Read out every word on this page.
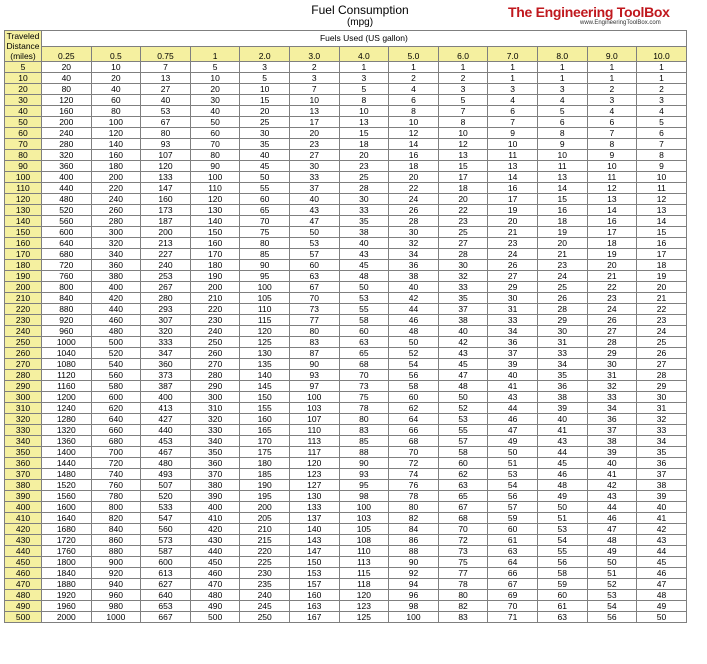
Fuel Consumption
(mpg)
The Engineering ToolBox
www.EngineeringToolBox.com
Traveled
Distance
(miles)	Fuels Used (US gallon)												
	0.25	0.5	0.75	1	2.0	3.0	4.0	5.0	6.0	7.0	8.0	9.0	10.0
5	20	10	7	5	3	2	1	1	1	1	1	1	1
10	40	20	13	10	5	3	3	2	2	1	1	1	1
20	80	40	27	20	10	7	5	4	3	3	3	2	2
30	120	60	40	30	15	10	8	6	5	4	4	3	3
40	160	80	53	40	20	13	10	8	7	6	5	4	4
50	200	100	67	50	25	17	13	10	8	7	6	6	5
60	240	120	80	60	30	20	15	12	10	9	8	7	6
70	280	140	93	70	35	23	18	14	12	10	9	8	7
80	320	160	107	80	40	27	20	16	13	11	10	9	8
90	360	180	120	90	45	30	23	18	15	13	11	10	9
100	400	200	133	100	50	33	25	20	17	14	13	11	10
110	440	220	147	110	55	37	28	22	18	16	14	12	11
120	480	240	160	120	60	40	30	24	20	17	15	13	12
130	520	260	173	130	65	43	33	26	22	19	16	14	13
140	560	280	187	140	70	47	35	28	23	20	18	16	14
150	600	300	200	150	75	50	38	30	25	21	19	17	15
160	640	320	213	160	80	53	40	32	27	23	20	18	16
170	680	340	227	170	85	57	43	34	28	24	21	19	17
180	720	360	240	180	90	60	45	36	30	26	23	20	18
190	760	380	253	190	95	63	48	38	32	27	24	21	19
200	800	400	267	200	100	67	50	40	33	29	25	22	20
210	840	420	280	210	105	70	53	42	35	30	26	23	21
220	880	440	293	220	110	73	55	44	37	31	28	24	22
230	920	460	307	230	115	77	58	46	38	33	29	26	23
240	960	480	320	240	120	80	60	48	40	34	30	27	24
250	1000	500	333	250	125	83	63	50	42	36	31	28	25
260	1040	520	347	260	130	87	65	52	43	37	33	29	26
270	1080	540	360	270	135	90	68	54	45	39	34	30	27
280	1120	560	373	280	140	93	70	56	47	40	35	31	28
290	1160	580	387	290	145	97	73	58	48	41	36	32	29
300	1200	600	400	300	150	100	75	60	50	43	38	33	30
310	1240	620	413	310	155	103	78	62	52	44	39	34	31
320	1280	640	427	320	160	107	80	64	53	46	40	36	32
330	1320	660	440	330	165	110	83	66	55	47	41	37	33
340	1360	680	453	340	170	113	85	68	57	49	43	38	34
350	1400	700	467	350	175	117	88	70	58	50	44	39	35
360	1440	720	480	360	180	120	90	72	60	51	45	40	36
370	1480	740	493	370	185	123	93	74	62	53	46	41	37
380	1520	760	507	380	190	127	95	76	63	54	48	42	38
390	1560	780	520	390	195	130	98	78	65	56	49	43	39
400	1600	800	533	400	200	133	100	80	67	57	50	44	40
410	1640	820	547	410	205	137	103	82	68	59	51	46	41
420	1680	840	560	420	210	140	105	84	70	60	53	47	42
430	1720	860	573	430	215	143	108	86	72	61	54	48	43
440	1760	880	587	440	220	147	110	88	73	63	55	49	44
450	1800	900	600	450	225	150	113	90	75	64	56	50	45
460	1840	920	613	460	230	153	115	92	77	66	58	51	46
470	1880	940	627	470	235	157	118	94	78	67	59	52	47
480	1920	960	640	480	240	160	120	96	80	69	60	53	48
490	1960	980	653	490	245	163	123	98	82	70	61	54	49
500	2000	1000	667	500	250	167	125	100	83	71	63	56	50
